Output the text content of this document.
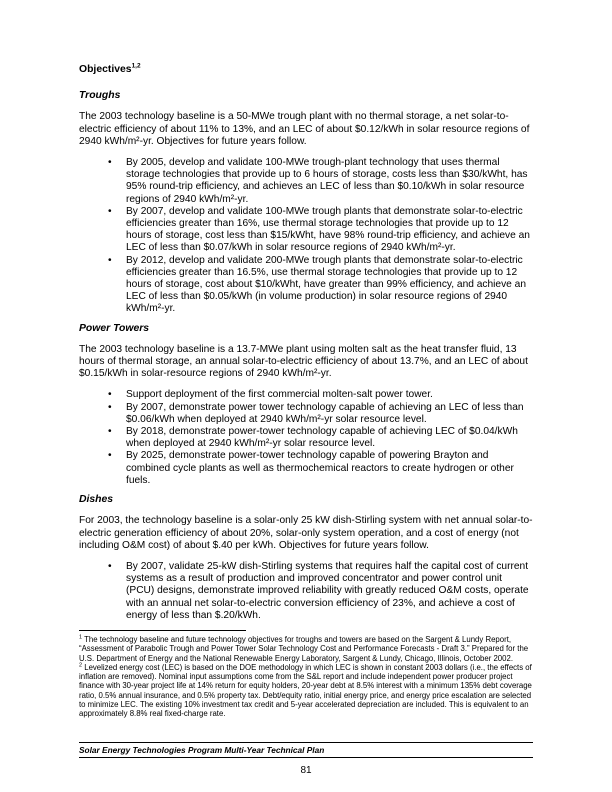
Objectives$^{1,2}$
Troughs

The 2003 technology baseline is a 50-MWe trough plant with no thermal storage, a net solar-to-electric efficiency of about 11% to 13%, and an LEC of about $0.12/kWh in solar resource regions of 2940 kWh/m²-yr. Objectives for future years follow.

•	By 2005, develop and validate 100-MWe trough-plant technology that uses thermal storage technologies that provide up to 6 hours of storage, costs less than $30/kWht, has 95% round-trip efficiency, and achieves an LEC of less than $0.10/kWh in solar resource regions of 2940 kWh/m²-yr.
•	By 2007, develop and validate 100-MWe trough plants that demonstrate solar-to-electric efficiencies greater than 16%, use thermal storage technologies that provide up to 12 hours of storage, cost less than $15/kWht, have 98% round-trip efficiency, and achieve an LEC of less than $0.07/kWh in solar resource regions of 2940 kWh/m²-yr.
•	By 2012, develop and validate 200-MWe trough plants that demonstrate solar-to-electric efficiencies greater than 16.5%, use thermal storage technologies that provide up to 12 hours of storage, cost about $10/kWht, have greater than 99% efficiency, and achieve an LEC of less than $0.05/kWh (in volume production) in solar resource regions of 2940 kWh/m²-yr.
Power Towers

The 2003 technology baseline is a 13.7-MWe plant using molten salt as the heat transfer fluid, 13 hours of thermal storage, an annual solar-to-electric efficiency of about 13.7%, and an LEC of about $0.15/kWh in solar-resource regions of 2940 kWh/m²-yr.

•	Support deployment of the first commercial molten-salt power tower.
•	By 2007, demonstrate power tower technology capable of achieving an LEC of less than $0.06/kWh when deployed at 2940 kWh/m²-yr solar resource level.
•	By 2018, demonstrate power-tower technology capable of achieving LEC of $0.04/kWh when deployed at 2940 kWh/m²-yr solar resource level.
•	By 2025, demonstrate power-tower technology capable of powering Brayton and combined cycle plants as well as thermochemical reactors to create hydrogen or other fuels.
Dishes

For 2003, the technology baseline is a solar-only 25 kW dish-Stirling system with net annual solar-to-electric generation efficiency of about 20%, solar-only system operation, and a cost of energy (not including O&M cost) of about $.40 per kWh. Objectives for future years follow.

•	By 2007, validate 25-kW dish-Stirling systems that requires half the capital cost of current systems as a result of production and improved concentrator and power control unit (PCU) designs, demonstrate improved reliability with greatly reduced O&M costs, operate with an annual net solar-to-electric conversion efficiency of 23%, and achieve a cost of energy of less than $.20/kWh.

$^1$ The technology baseline and future technology objectives for troughs and towers are based on the Sargent & Lundy Report, “Assessment of Parabolic Trough and Power Tower Solar Technology Cost and Performance Forecasts - Draft 3.” Prepared for the U.S. Department of Energy and the National Renewable Energy Laboratory, Sargent & Lundy, Chicago, Illinois, October 2002.

$^2$ Levelized energy cost (LEC) is based on the DOE methodology in which LEC is shown in constant 2003 dollars (i.e., the effects of inflation are removed). Nominal input assumptions come from the S&L report and include independent power producer project finance with 30-year project life at 14% return for equity holders, 20-year debt at 8.5% interest with a minimum 135% debt coverage ratio, 0.5% annual insurance, and 0.5% property tax. Debt/equity ratio, initial energy price, and energy price escalation are selected to minimize LEC. The existing 10% investment tax credit and 5-year accelerated depreciation are included. This is equivalent to an approximately 8.8% real fixed-charge rate.

Solar Energy Technologies Program Multi-Year Technical Plan
81
